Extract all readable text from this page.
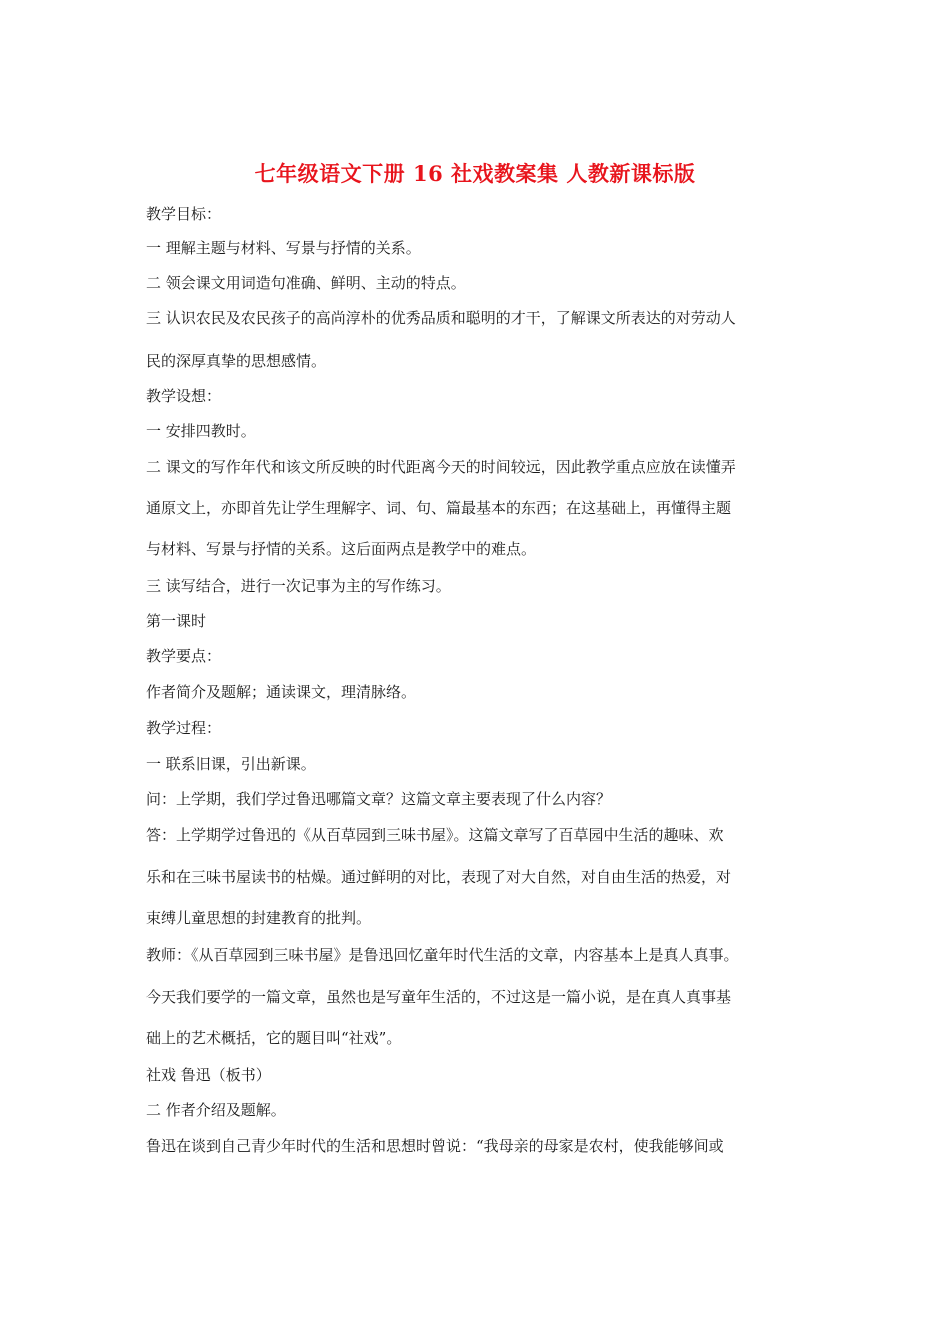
七年级语文下册 16 社戏教案集 人教新课标版
教学目标：
一 理解主题与材料、写景与抒情的关系。
二 领会课文用词造句准确、鲜明、主动的特点。
三 认识农民及农民孩子的高尚淳朴的优秀品质和聪明的才干，了解课文所表达的对劳动人
民的深厚真挚的思想感情。
教学设想：
一 安排四教时。
二 课文的写作年代和该文所反映的时代距离今天的时间较远，因此教学重点应放在读懂弄
通原文上，亦即首先让学生理解字、词、句、篇最基本的东西；在这基础上，再懂得主题
与材料、写景与抒情的关系。这后面两点是教学中的难点。
三 读写结合，进行一次记事为主的写作练习。
第一课时
教学要点：
作者简介及题解；通读课文，理清脉络。
教学过程：
一 联系旧课，引出新课。
问：上学期，我们学过鲁迅哪篇文章？这篇文章主要表现了什么内容？
答：上学期学过鲁迅的《从百草园到三味书屋》。这篇文章写了百草园中生活的趣味、欢
乐和在三味书屋读书的枯燥。通过鲜明的对比，表现了对大自然，对自由生活的热爱，对
束缚儿童思想的封建教育的批判。
教师：《从百草园到三味书屋》是鲁迅回忆童年时代生活的文章，内容基本上是真人真事。
今天我们要学的一篇文章，虽然也是写童年生活的，不过这是一篇小说，是在真人真事基
础上的艺术概括，它的题目叫“社戏”。
社戏 鲁迅（板书）
二 作者介绍及题解。
鲁迅在谈到自己青少年时代的生活和思想时曾说：“我母亲的母家是农村，使我能够间或
